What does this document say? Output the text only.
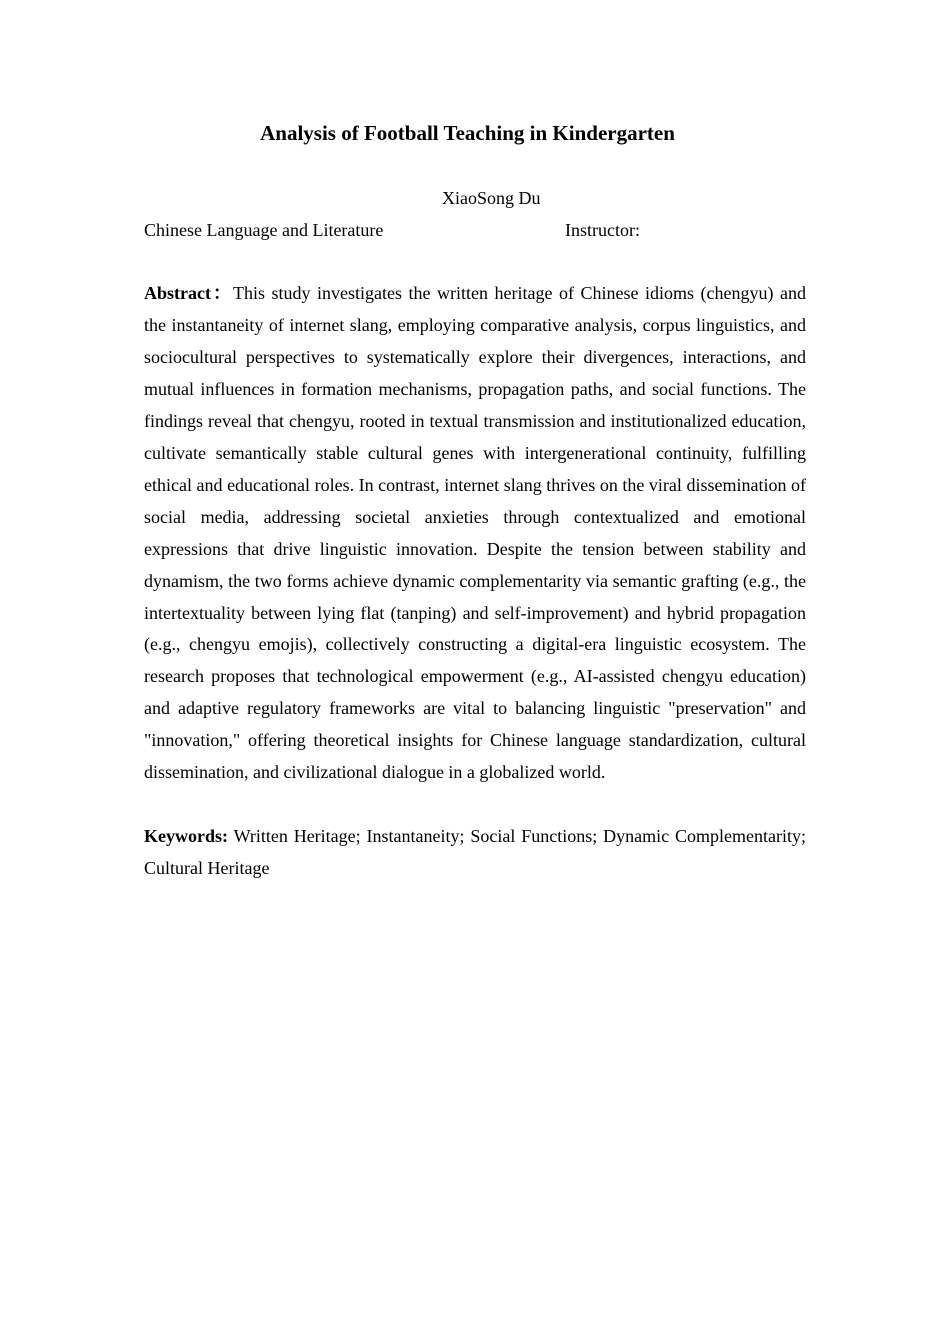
Analysis of Football Teaching in Kindergarten

XiaoSong Du

Chinese Language and Literature	Instructor:

Abstract：This study investigates the written heritage of Chinese idioms (chengyu) and the instantaneity of internet slang, employing comparative analysis, corpus linguistics, and sociocultural perspectives to systematically explore their divergences, interactions, and mutual influences in formation mechanisms, propagation paths, and social functions. The findings reveal that chengyu, rooted in textual transmission and institutionalized education, cultivate semantically stable cultural genes with intergenerational continuity, fulfilling ethical and educational roles. In contrast, internet slang thrives on the viral dissemination of social media, addressing societal anxieties through contextualized and emotional expressions that drive linguistic innovation. Despite the tension between stability and dynamism, the two forms achieve dynamic complementarity via semantic grafting (e.g., the intertextuality between lying flat (tanping) and self-improvement) and hybrid propagation (e.g., chengyu emojis), collectively constructing a digital-era linguistic ecosystem. The research proposes that technological empowerment (e.g., AI-assisted chengyu education) and adaptive regulatory frameworks are vital to balancing linguistic "preservation" and "innovation," offering theoretical insights for Chinese language standardization, cultural dissemination, and civilizational dialogue in a globalized world.

Keywords: Written Heritage; Instantaneity; Social Functions; Dynamic Complementarity; Cultural Heritage
